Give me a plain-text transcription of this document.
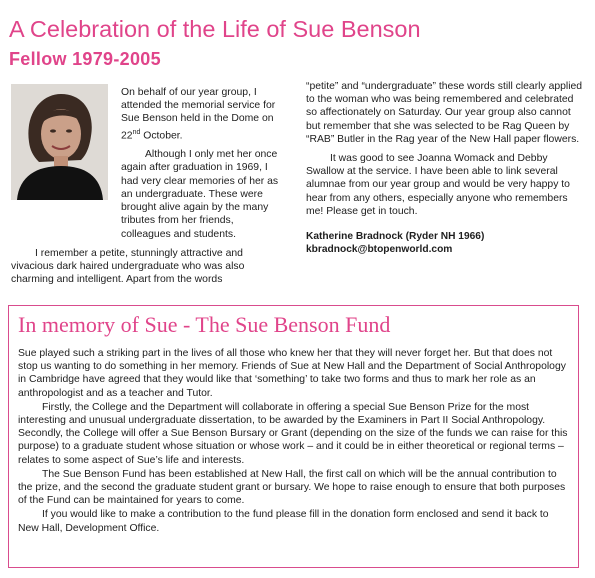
A Celebration of the Life of Sue Benson
Fellow 1979-2005

On behalf of our year group, I attended the memorial service for Sue Benson held in the Dome on 22nd October.

Although I only met her once again after graduation in 1969, I had very clear memories of her as an undergraduate. These were brought alive again by the many tributes from her friends, colleagues and students.

I remember a petite, stunningly attractive and vivacious dark haired undergraduate who was also charming and intelligent. Apart from the words

“petite” and “undergraduate” these words still clearly applied to the woman who was being remembered and celebrated so affectionately on Saturday. Our year group also cannot but remember that she was selected to be Rag Queen by “RAB” Butler in the Rag year of the New Hall paper flowers.

It was good to see Joanna Womack and Debby Swallow at the service. I have been able to link several alumnae from our year group and would be very happy to hear from any others, especially anyone who remembers me! Please get in touch.

Katherine Bradnock (Ryder NH 1966)
kbradnock@btopenworld.com
In memory of Sue - The Sue Benson Fund

Sue played such a striking part in the lives of all those who knew her that they will never forget her. But that does not stop us wanting to do something in her memory. Friends of Sue at New Hall and the Department of Social Anthropology in Cambridge have agreed that they would like that ‘something’ to take two forms and thus to mark her role as an anthropologist and as a teacher and Tutor.

Firstly, the College and the Department will collaborate in offering a special Sue Benson Prize for the most interesting and unusual undergraduate dissertation, to be awarded by the Examiners in Part II Social Anthropology. Secondly, the College will offer a Sue Benson Bursary or Grant (depending on the size of the funds we can raise for this purpose) to a graduate student whose situation or whose work – and it could be in either theoretical or regional terms – relates to some aspect of Sue’s life and interests.

The Sue Benson Fund has been established at New Hall, the first call on which will be the annual contribution to the prize, and the second the graduate student grant or bursary. We hope to raise enough to ensure that both purposes of the Fund can be maintained for years to come.

If you would like to make a contribution to the fund please fill in the donation form enclosed and send it back to New Hall, Development Office.
